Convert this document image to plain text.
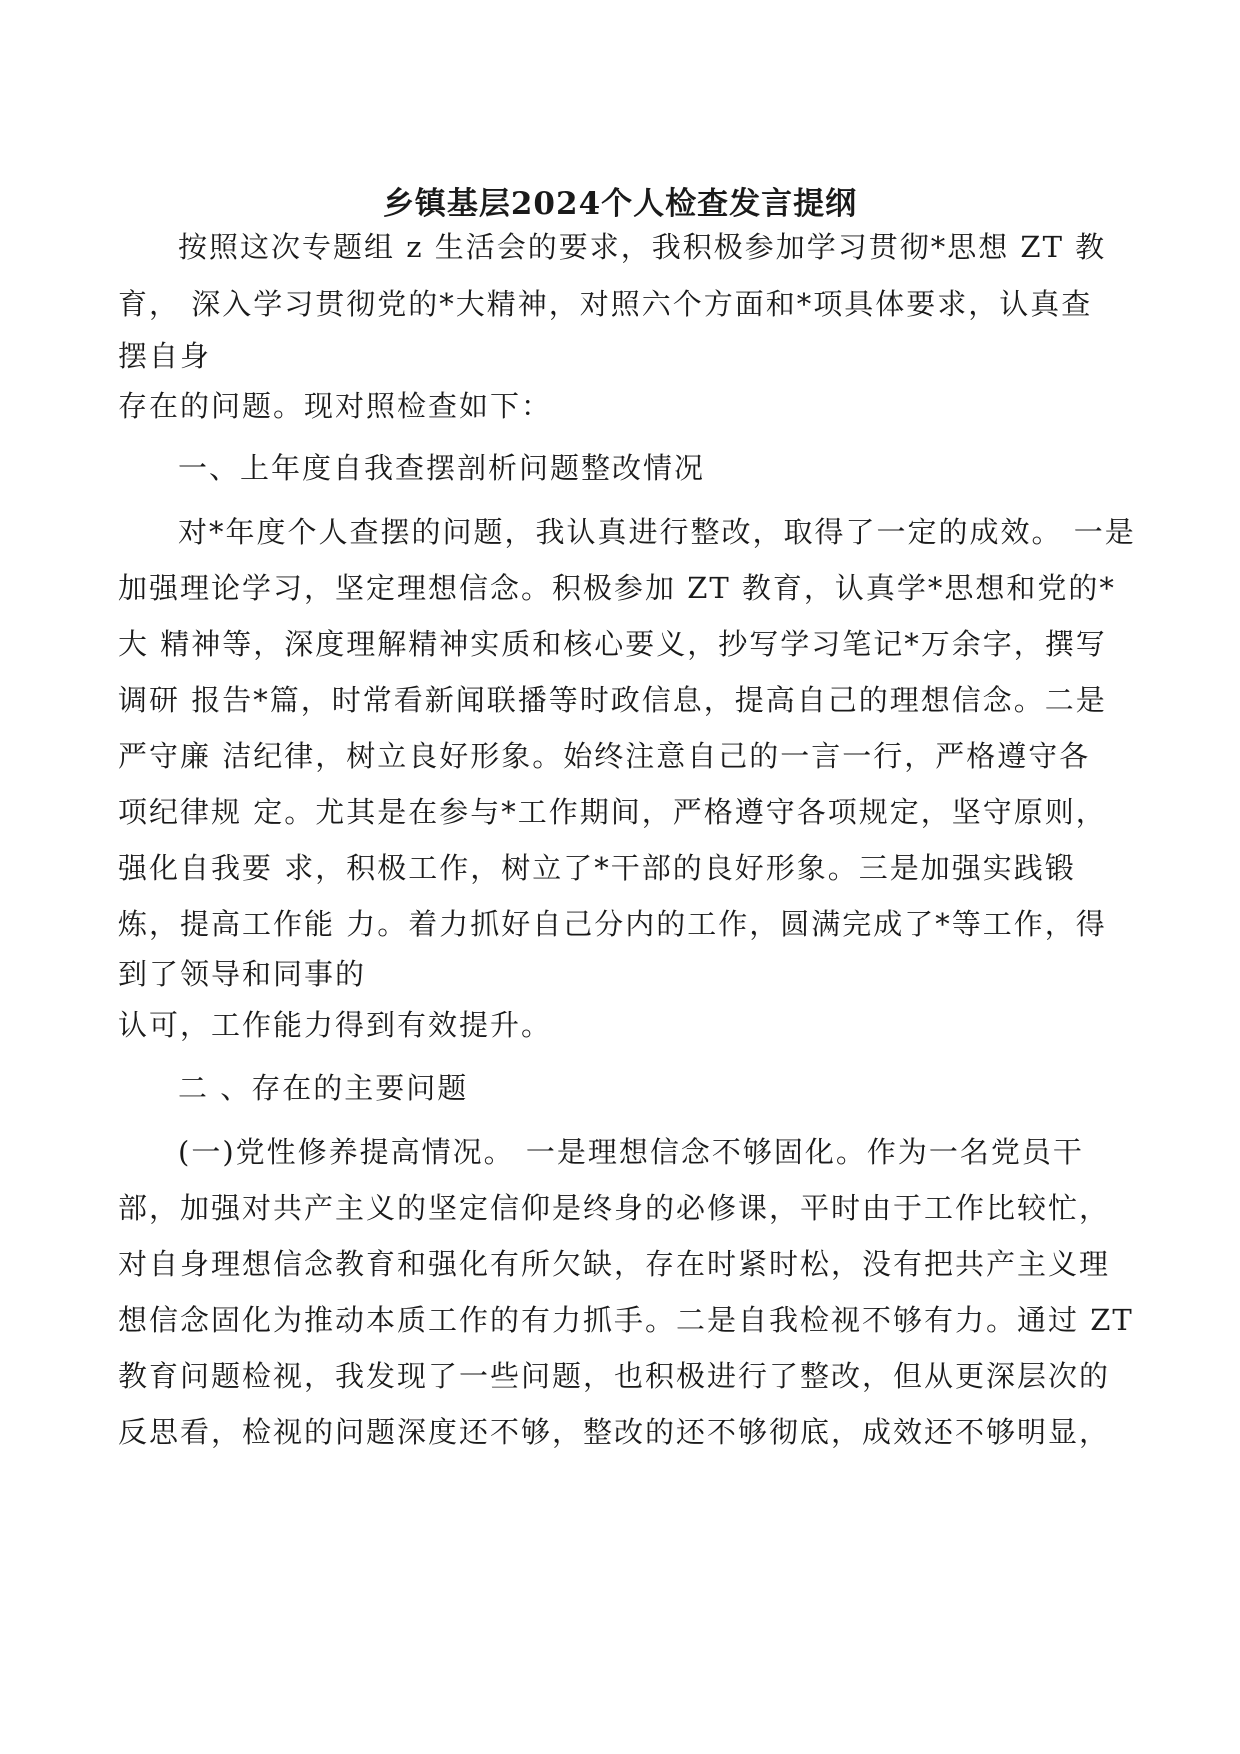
乡镇基层2024个人检查发言提纲
按照这次专题组 z 生活会的要求，我积极参加学习贯彻*思想 ZT 教
育， 深入学习贯彻党的*大精神，对照六个方面和*项具体要求，认真查
摆自身
存在的问题。现对照检查如下：
一、上年度自我查摆剖析问题整改情况
对*年度个人查摆的问题，我认真进行整改，取得了一定的成效。 一是
加强理论学习，坚定理想信念。积极参加 ZT 教育，认真学*思想和党的*
大 精神等，深度理解精神实质和核心要义，抄写学习笔记*万余字，撰写
调研 报告*篇，时常看新闻联播等时政信息，提高自己的理想信念。二是
严守廉 洁纪律，树立良好形象。始终注意自己的一言一行，严格遵守各
项纪律规 定。尤其是在参与*工作期间，严格遵守各项规定，坚守原则，
强化自我要 求，积极工作，树立了*干部的良好形象。三是加强实践锻
炼，提高工作能 力。着力抓好自己分内的工作，圆满完成了*等工作，得
到了领导和同事的
认可，工作能力得到有效提升。
二 、存在的主要问题
(一)党性修养提高情况。 一是理想信念不够固化。作为一名党员干
部，加强对共产主义的坚定信仰是终身的必修课，平时由于工作比较忙，
对自身理想信念教育和强化有所欠缺，存在时紧时松，没有把共产主义理
想信念固化为推动本质工作的有力抓手。二是自我检视不够有力。通过 ZT
教育问题检视，我发现了一些问题，也积极进行了整改，但从更深层次的
反思看，检视的问题深度还不够，整改的还不够彻底，成效还不够明显，
